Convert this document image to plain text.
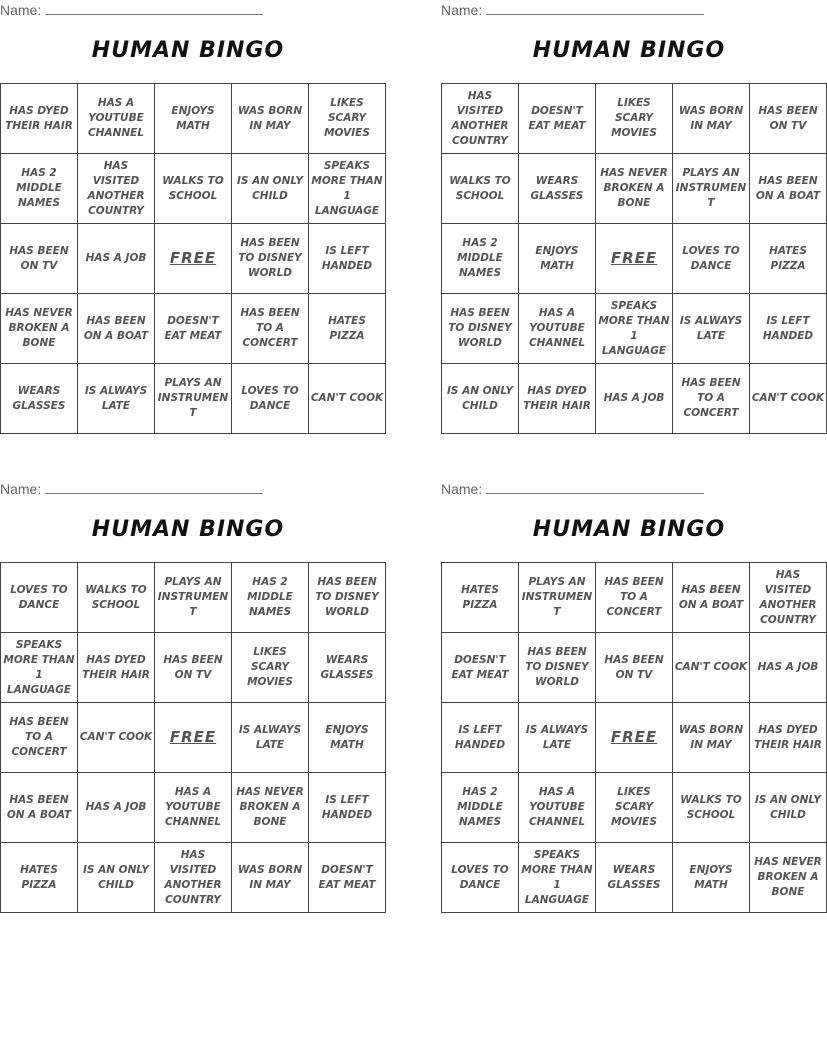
Name:
HUMAN BINGO
HAS DYED THEIR HAIR	HAS A YOUTUBE CHANNEL	ENJOYS MATH	WAS BORN IN MAY	LIKES SCARY MOVIES
HAS 2 MIDDLE NAMES	HAS VISITED ANOTHER COUNTRY	WALKS TO SCHOOL	IS AN ONLY CHILD	SPEAKS MORE THAN 1 LANGUAGE
HAS BEEN ON TV	HAS A JOB	FREE	HAS BEEN TO DISNEY WORLD	IS LEFT HANDED
HAS NEVER BROKEN A BONE	HAS BEEN ON A BOAT	DOESN'T EAT MEAT	HAS BEEN TO A CONCERT	HATES PIZZA
WEARS GLASSES	IS ALWAYS LATE	PLAYS AN INSTRUMENT	LOVES TO DANCE	CAN'T COOK
Name:
HUMAN BINGO
HAS VISITED ANOTHER COUNTRY	DOESN'T EAT MEAT	LIKES SCARY MOVIES	WAS BORN IN MAY	HAS BEEN ON TV
WALKS TO SCHOOL	WEARS GLASSES	HAS NEVER BROKEN A BONE	PLAYS AN INSTRUMENT	HAS BEEN ON A BOAT
HAS 2 MIDDLE NAMES	ENJOYS MATH	FREE	LOVES TO DANCE	HATES PIZZA
HAS BEEN TO DISNEY WORLD	HAS A YOUTUBE CHANNEL	SPEAKS MORE THAN 1 LANGUAGE	IS ALWAYS LATE	IS LEFT HANDED
IS AN ONLY CHILD	HAS DYED THEIR HAIR	HAS A JOB	HAS BEEN TO A CONCERT	CAN'T COOK
Name:
HUMAN BINGO
LOVES TO DANCE	WALKS TO SCHOOL	PLAYS AN INSTRUMENT	HAS 2 MIDDLE NAMES	HAS BEEN TO DISNEY WORLD
SPEAKS MORE THAN 1 LANGUAGE	HAS DYED THEIR HAIR	HAS BEEN ON TV	LIKES SCARY MOVIES	WEARS GLASSES
HAS BEEN TO A CONCERT	CAN'T COOK	FREE	IS ALWAYS LATE	ENJOYS MATH
HAS BEEN ON A BOAT	HAS A JOB	HAS A YOUTUBE CHANNEL	HAS NEVER BROKEN A BONE	IS LEFT HANDED
HATES PIZZA	IS AN ONLY CHILD	HAS VISITED ANOTHER COUNTRY	WAS BORN IN MAY	DOESN'T EAT MEAT
Name:
HUMAN BINGO
HATES PIZZA	PLAYS AN INSTRUMENT	HAS BEEN TO A CONCERT	HAS BEEN ON A BOAT	HAS VISITED ANOTHER COUNTRY
DOESN'T EAT MEAT	HAS BEEN TO DISNEY WORLD	HAS BEEN ON TV	CAN'T COOK	HAS A JOB
IS LEFT HANDED	IS ALWAYS LATE	FREE	WAS BORN IN MAY	HAS DYED THEIR HAIR
HAS 2 MIDDLE NAMES	HAS A YOUTUBE CHANNEL	LIKES SCARY MOVIES	WALKS TO SCHOOL	IS AN ONLY CHILD
LOVES TO DANCE	SPEAKS MORE THAN 1 LANGUAGE	WEARS GLASSES	ENJOYS MATH	HAS NEVER BROKEN A BONE
